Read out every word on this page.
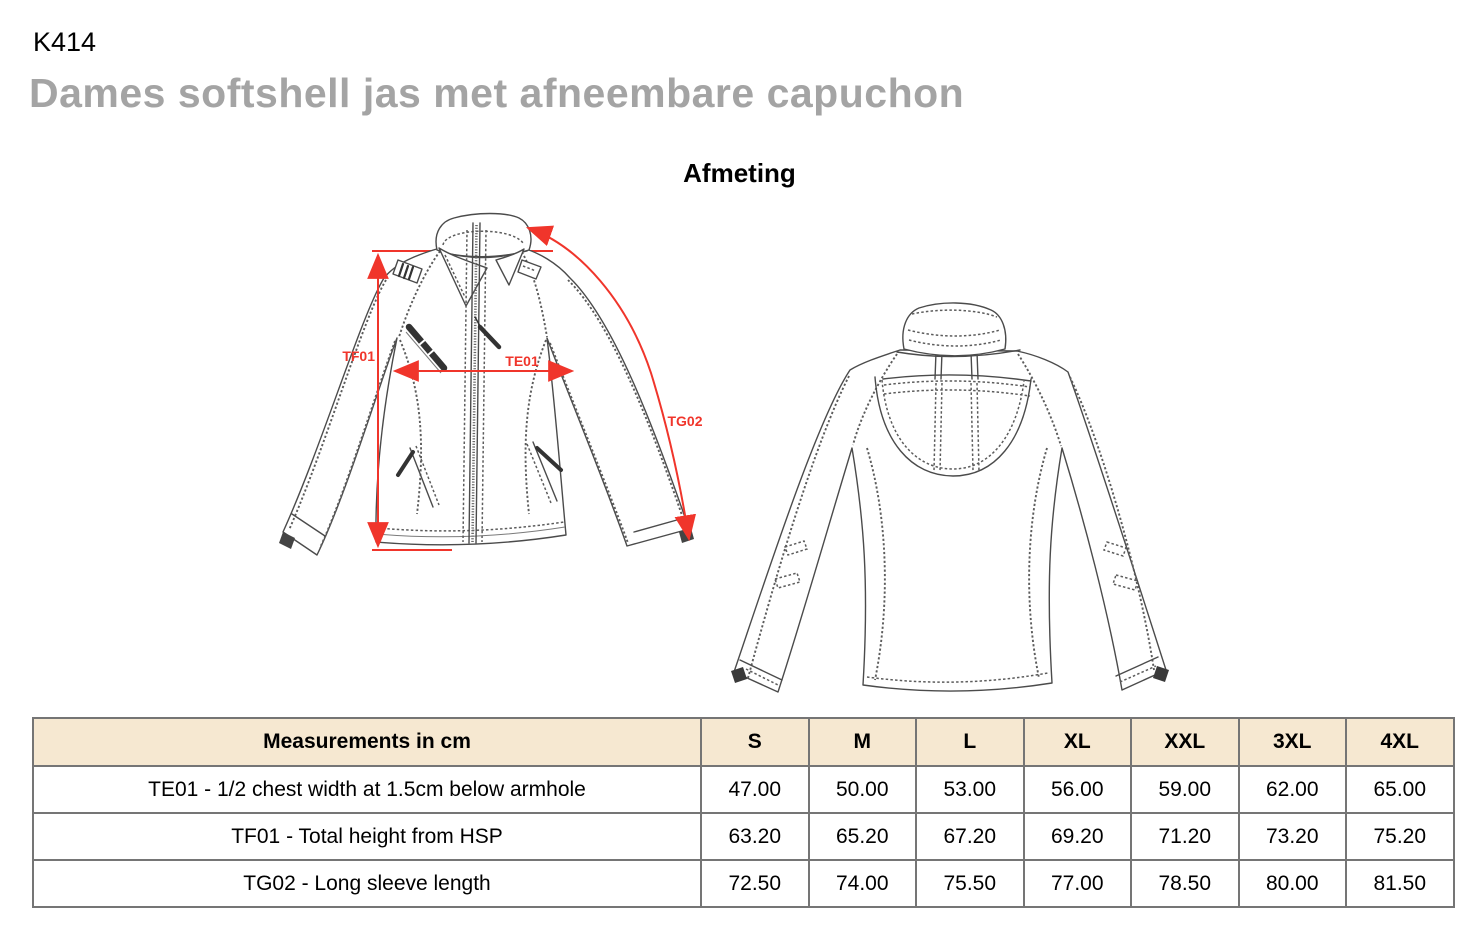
K414
Dames softshell jas met afneembare capuchon
Afmeting
TF01	TE01
TG02
Measurements in cm	S	M	L	XL	XXL	3XL	4XL
TE01 - 1/2 chest width at 1.5cm below armhole	47.00	50.00	53.00	56.00	59.00	62.00	65.00
TF01 - Total height from HSP	63.20	65.20	67.20	69.20	71.20	73.20	75.20
TG02 - Long sleeve length	72.50	74.00	75.50	77.00	78.50	80.00	81.50
